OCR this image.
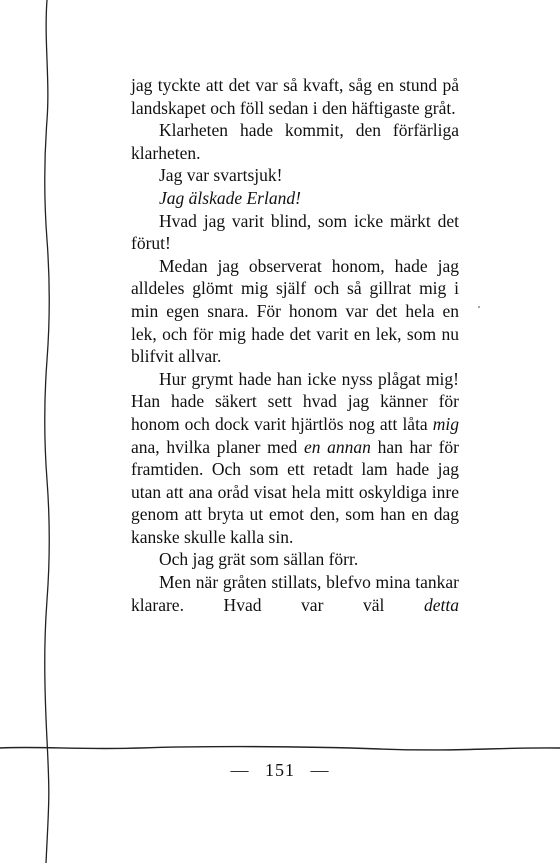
jag tyckte att det var så kvaft, såg en stund på landskapet och föll sedan i den häftigaste gråt.

Klarheten hade kommit, den förfärliga klarheten.

Jag var svartsjuk!

Jag älskade Erland!

Hvad jag varit blind, som icke märkt det förut!

Medan jag observerat honom, hade jag alldeles glömt mig själf och så gillrat mig i min egen snara. För honom var det hela en lek, och för mig hade det varit en lek, som nu blifvit allvar.

Hur grymt hade han icke nyss plågat mig! Han hade säkert sett hvad jag känner för honom och dock varit hjärtlös nog att låta mig ana, hvilka planer med en annan han har för framtiden. Och som ett retadt lam hade jag utan att ana oråd visat hela mitt oskyldiga inre genom att bryta ut emot den, som han en dag kanske skulle kalla sin.

Och jag grät som sällan förr.

Men när gråten stillats, blefvo mina tankar klarare. Hvad var väl detta

— 151 —
